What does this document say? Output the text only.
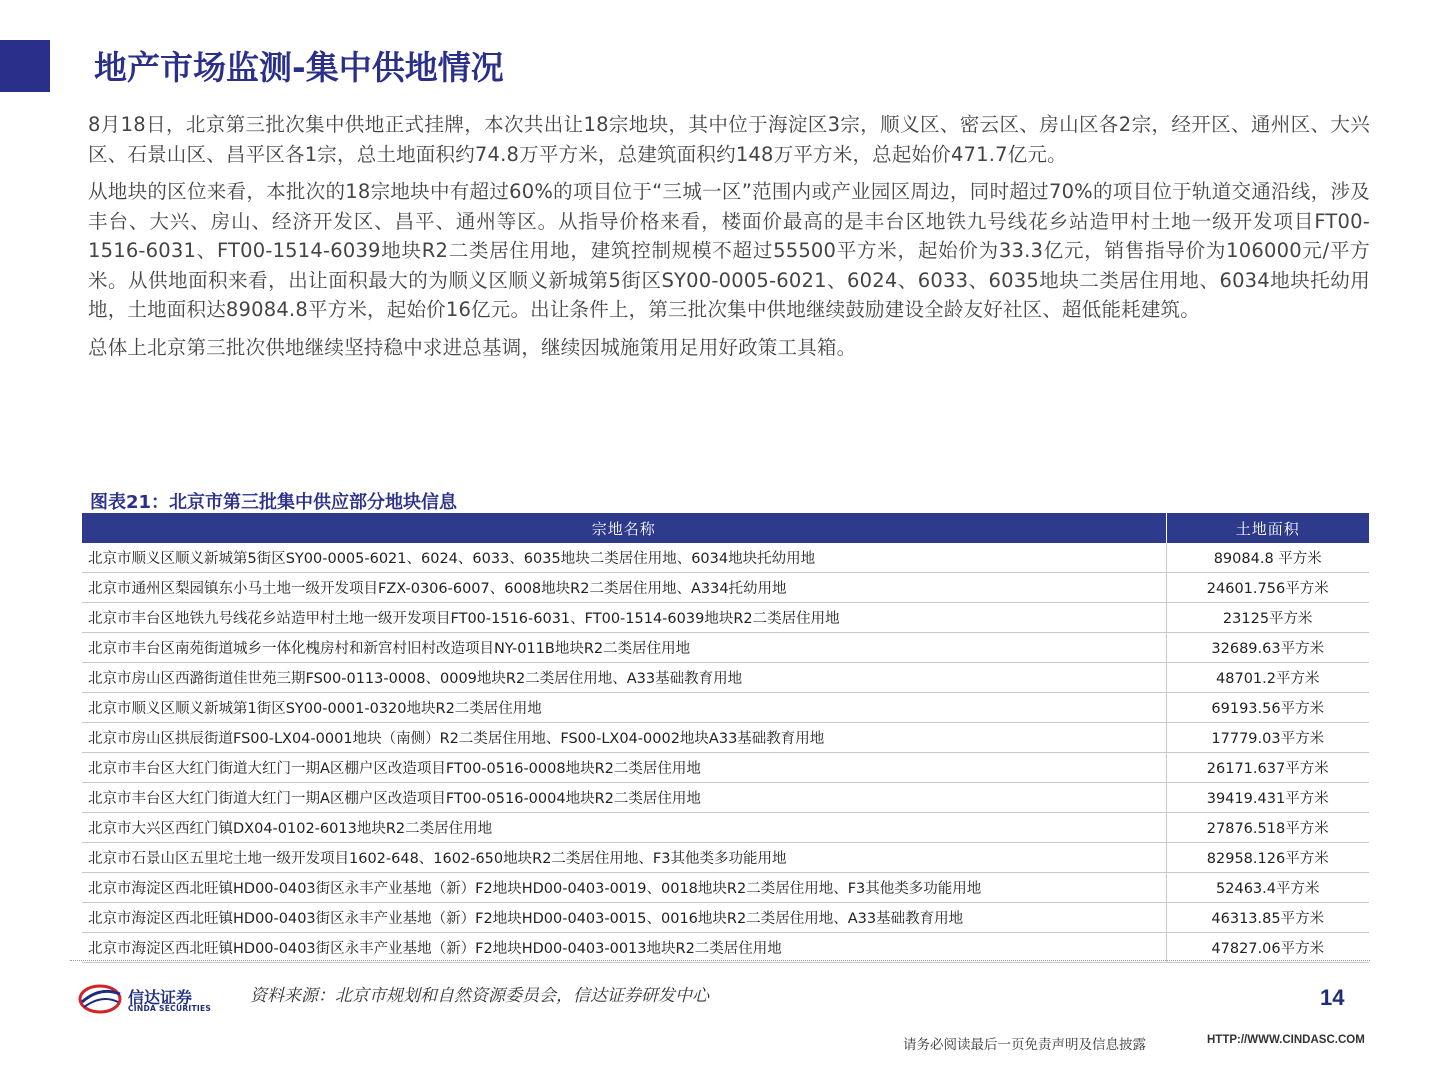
地产市场监测-集中供地情况

8月18日，北京第三批次集中供地正式挂牌，本次共出让18宗地块，其中位于海淀区3宗，顺义区、密云区、房山区各2宗，经开区、通州区、大兴区、石景山区、昌平区各1宗，总土地面积约74.8万平方米，总建筑面积约148万平方米，总起始价471.7亿元。

从地块的区位来看，本批次的18宗地块中有超过60%的项目位于“三城一区”范围内或产业园区周边，同时超过70%的项目位于轨道交通沿线，涉及丰台、大兴、房山、经济开发区、昌平、通州等区。从指导价格来看，楼面价最高的是丰台区地铁九号线花乡站造甲村土地一级开发项目FT00-1516-6031、FT00-1514-6039地块R2二类居住用地，建筑控制规模不超过55500平方米，起始价为33.3亿元，销售指导价为106000元/平方米。从供地面积来看，出让面积最大的为顺义区顺义新城第5街区SY00-0005-6021、6024、6033、6035地块二类居住用地、6034地块托幼用地，土地面积达89084.8平方米，起始价16亿元。出让条件上，第三批次集中供地继续鼓励建设全龄友好社区、超低能耗建筑。

总体上北京第三批次供地继续坚持稳中求进总基调，继续因城施策用足用好政策工具箱。

图表21：北京市第三批集中供应部分地块信息
宗地名称	土地面积
北京市顺义区顺义新城第5街区SY00-0005-6021、6024、6033、6035地块二类居住用地、6034地块托幼用地	89084.8 平方米
北京市通州区梨园镇东小马土地一级开发项目FZX-0306-6007、6008地块R2二类居住用地、A334托幼用地	24601.756平方米
北京市丰台区地铁九号线花乡站造甲村土地一级开发项目FT00-1516-6031、FT00-1514-6039地块R2二类居住用地	23125平方米
北京市丰台区南苑街道城乡一体化槐房村和新宫村旧村改造项目NY-011B地块R2二类居住用地	32689.63平方米
北京市房山区西潞街道佳世苑三期FS00-0113-0008、0009地块R2二类居住用地、A33基础教育用地	48701.2平方米
北京市顺义区顺义新城第1街区SY00-0001-0320地块R2二类居住用地	69193.56平方米
北京市房山区拱辰街道FS00-LX04-0001地块（南侧）R2二类居住用地、FS00-LX04-0002地块A33基础教育用地	17779.03平方米
北京市丰台区大红门街道大红门一期A区棚户区改造项目FT00-0516-0008地块R2二类居住用地	26171.637平方米
北京市丰台区大红门街道大红门一期A区棚户区改造项目FT00-0516-0004地块R2二类居住用地	39419.431平方米
北京市大兴区西红门镇DX04-0102-6013地块R2二类居住用地	27876.518平方米
北京市石景山区五里坨土地一级开发项目1602-648、1602-650地块R2二类居住用地、F3其他类多功能用地	82958.126平方米
北京市海淀区西北旺镇HD00-0403街区永丰产业基地（新）F2地块HD00-0403-0019、0018地块R2二类居住用地、F3其他类多功能用地	52463.4平方米
北京市海淀区西北旺镇HD00-0403街区永丰产业基地（新）F2地块HD00-0403-0015、0016地块R2二类居住用地、A33基础教育用地	46313.85平方米
北京市海淀区西北旺镇HD00-0403街区永丰产业基地（新）F2地块HD00-0403-0013地块R2二类居住用地	47827.06平方米
信达证券
CINDA SECURITIES
资料来源：北京市规划和自然资源委员会，信达证券研发中心	14
请务必阅读最后一页免责声明及信息披露	HTTP://WWW.CINDASC.COM
